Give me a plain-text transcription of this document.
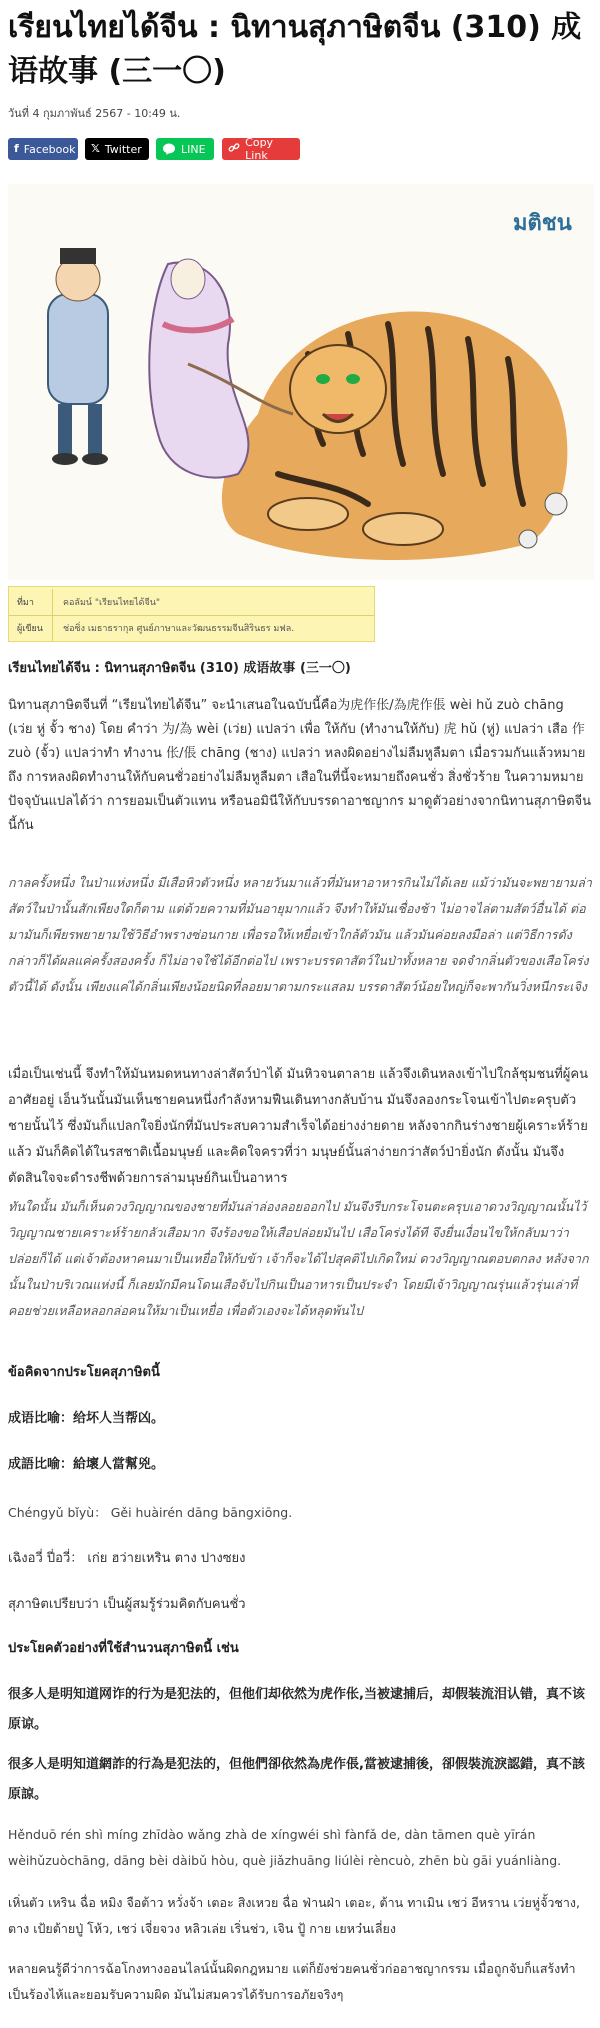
เรียนไทยได้จีน : นิทานสุภาษิตจีน (310) 成语故事 (三一〇)
วันที่ 4 กุมภาพันธ์ 2567 - 10:49 น.
f Facebook 𝕏 Twitter	LINE	Copy Link
มติชน
ที่มา	คอลัมน์ "เรียนไทยได้จีน"
ผู้เขียน	ช่อซิ่ง เมธาธรากุล ศูนย์ภาษาและวัฒนธรรมจีนสิรินธร มฟล.
เรียนไทยได้จีน : นิทานสุภาษิตจีน (310) 成语故事 (三一〇)
นิทานสุภาษิตจีนที่ “เรียนไทยได้จีน” จะนำเสนอในฉบับนี้คือ为虎作伥/為虎作倀 wèi hǔ zuò chāng (เว่ย หู่ จั้ว ชาง) โดย คำว่า 为/為 wèi (เว่ย) แปลว่า เพื่อ ให้กับ (ทำงานให้กับ) 虎 hǔ (หู่) แปลว่า เสือ 作 zuò (จั้ว) แปลว่าทำ ทำงาน 伥/倀 chāng (ชาง) แปลว่า หลงผิดอย่างไม่ลืมหูลืมตา เมื่อรวมกันแล้วหมายถึง การหลงผิดทำงานให้กับคนชั่วอย่างไม่ลืมหูลืมตา เสือในที่นี้จะหมายถึงคนชั่ว สิ่งชั่วร้าย ในความหมายปัจจุบันแปลได้ว่า การยอมเป็นตัวแทน หรือนอมินีให้กับบรรดาอาชญากร มาดูตัวอย่างจากนิทานสุภาษิตจีนนี้กัน
กาลครั้งหนึ่ง ในป่าแห่งหนึ่ง มีเสือหิวตัวหนึ่ง หลายวันมาแล้วที่มันหาอาหารกินไม่ได้เลย แม้ว่ามันจะพยายามล่าสัตว์ในป่านั้นสักเพียงใดก็ตาม แต่ด้วยความที่มันอายุมากแล้ว จึงทำให้มันเชื่องช้า ไม่อาจไล่ตามสัตว์อื่นได้ ต่อมามันก็เพียรพยายามใช้วิธีอำพรางซ่อนกาย เพื่อรอให้เหยื่อเข้าใกล้ตัวมัน แล้วมันค่อยลงมือล่า แต่วิธีการดังกล่าวก็ได้ผลแค่ครั้งสองครั้ง ก็ไม่อาจใช้ได้อีกต่อไป เพราะบรรดาสัตว์ในป่าทั้งหลาย จดจำกลิ่นตัวของเสือโคร่งตัวนี้ได้ ดังนั้น เพียงแค่ได้กลิ่นเพียงน้อยนิดที่ลอยมาตามกระแสลม บรรดาสัตว์น้อยใหญ่ก็จะพากันวิ่งหนีกระเจิง
เมื่อเป็นเช่นนี้ จึงทำให้มันหมดหนทางล่าสัตว์ป่าได้ มันหิวจนตาลาย แล้วจึงเดินหลงเข้าไปใกล้ชุมชนที่ผู้คนอาศัยอยู่ เอ็นวันนั้นมันเห็นชายคนหนึ่งกำลังหามฟืนเดินทางกลับบ้าน มันจึงลองกระโจนเข้าไปตะครุบตัวชายนั้นไว้ ซึ่งมันก็แปลกใจยิ่งนักที่มันประสบความสำเร็จได้อย่างง่ายดาย หลังจากกินร่างชายผู้เคราะห์ร้ายแล้ว มันก็คิดได้ในรสชาติเนื้อมนุษย์ และคิดใจครวที่ว่า มนุษย์นั้นล่าง่ายกว่าสัตว์ป่ายิ่งนัก ดังนั้น มันจึงตัดสินใจจะดำรงชีพด้วยการล่ามนุษย์กินเป็นอาหาร
ทันใดนั้น มันก็เห็นดวงวิญญาณของชายที่มันล่าล่องลอยออกไป มันจึงรีบกระโจนตะครุบเอาดวงวิญญาณนั้นไว้ วิญญาณชายเคราะห์ร้ายกลัวเสือมาก จึงร้องขอให้เสือปล่อยมันไป เสือโคร่งได้ที จึงยื่นเงื่อนไขให้กลับมาว่า ปล่อยก็ได้ แต่เจ้าต้องหาคนมาเป็นเหยื่อให้กับข้า เจ้าก็จะได้ไปสุคติไปเกิดใหม่ ดวงวิญญาณตอบตกลง หลังจากนั้นในป่าบริเวณแห่งนี้ ก็เลยมักมีคนโดนเสือจับไปกินเป็นอาหารเป็นประจำ โดยมีเจ้าวิญญาณรุ่นแล้วรุ่นเล่าที่คอยช่วยเหลือหลอกล่อคนให้มาเป็นเหยื่อ เพื่อตัวเองจะได้หลุดพ้นไป
ข้อคิดจากประโยคสุภาษิตนี้
成语比喻：给坏人当帮凶。
成語比喻：給壞人當幫兇。
Chéngyǔ bǐyù： Gěi huàirén dāng bāngxiōng.
เฉิงอวี่ ปี่อวี่： เก่ย ฮว่ายเหริน ตาง ปางซยง
สุภาษิตเปรียบว่า เป็นผู้สมรู้ร่วมคิดกับคนชั่ว
ประโยคตัวอย่างที่ใช้สำนวนสุภาษิตนี้ เช่น
很多人是明知道网诈的行为是犯法的，但他们却依然为虎作伥,当被逮捕后，却假装流泪认错，真不该原谅。
很多人是明知道網詐的行為是犯法的，但他們卻依然為虎作倀,當被逮捕後，卻假裝流淚認錯，真不該原諒。
Hěnduō rén shì míng zhīdào wǎng zhà de xíngwéi shì fànfǎ de, dàn tāmen què yīrán wèihǔzuòchāng, dāng bèi dàibǔ hòu, què jiǎzhuāng liúlèi rèncuò, zhēn bù gāi yuánliàng.
เหิ่นตัว เหริน ฉื่อ หมิง จือต้าว หวั่งจ้า เตอะ สิงเหวย ฉื่อ ฟ่านฝ่า เตอะ, ต้าน ทาเมิน เชว่ อีหราน เว่ยหู่จั้วชาง, ตาง เป้ยต้ายปู่ โห้ว, เชว่ เจี่ยจวง หลิวเล่ย เริ่นช่ว, เจิน ปู้ กาย เยหว๋นเลี่ยง
หลายคนรู้ดีว่าการฉ้อโกงทางออนไลน์นั้นผิดกฎหมาย แต่ก็ยังช่วยคนชั่วก่ออาชญากรรม เมื่อถูกจับก็แสร้งทำเป็นร้องไห้และยอมรับความผิด มันไม่สมควรได้รับการอภัยจริงๆ
